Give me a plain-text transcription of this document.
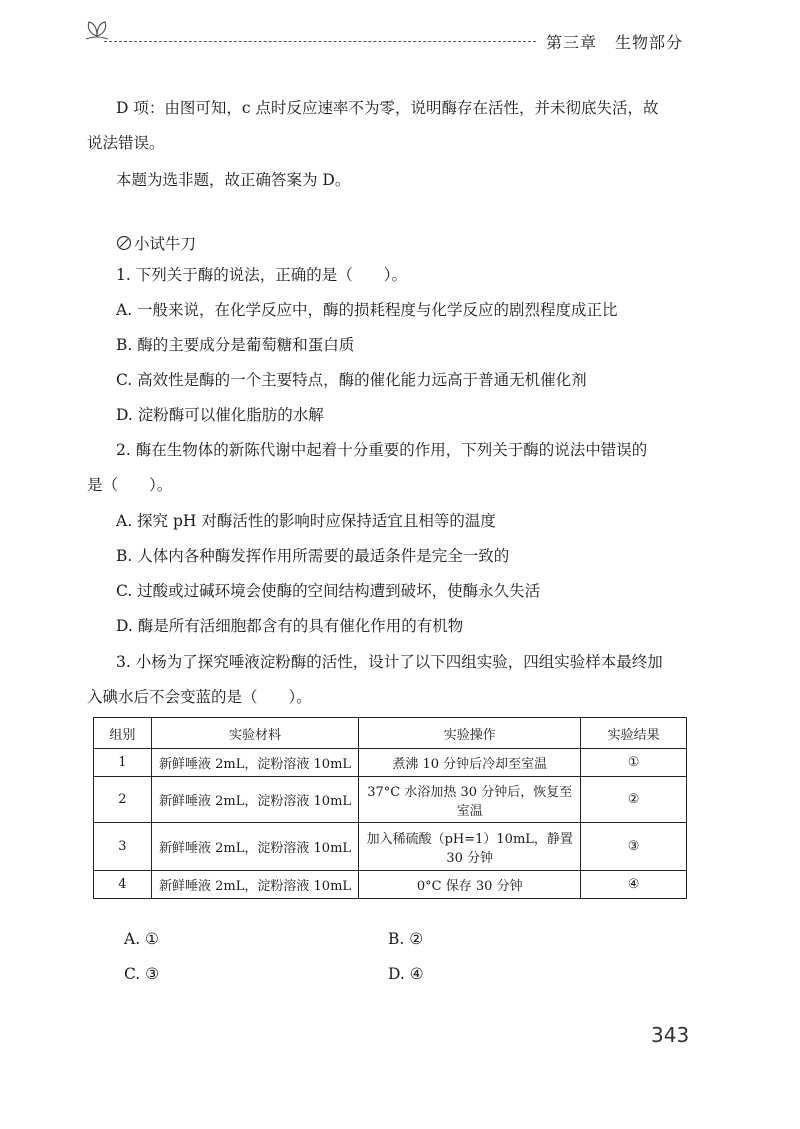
第三章 生物部分
D 项：由图可知，c 点时反应速率不为零，说明酶存在活性，并未彻底失活，故
说法错误。
本题为选非题，故正确答案为 D。
小试牛刀
1. 下列关于酶的说法，正确的是（　　）。
A. 一般来说，在化学反应中，酶的损耗程度与化学反应的剧烈程度成正比
B. 酶的主要成分是葡萄糖和蛋白质
C. 高效性是酶的一个主要特点，酶的催化能力远高于普通无机催化剂
D. 淀粉酶可以催化脂肪的水解
2. 酶在生物体的新陈代谢中起着十分重要的作用，下列关于酶的说法中错误的
是（　　）。
A. 探究 pH 对酶活性的影响时应保持适宜且相等的温度
B. 人体内各种酶发挥作用所需要的最适条件是完全一致的
C. 过酸或过碱环境会使酶的空间结构遭到破坏，使酶永久失活
D. 酶是所有活细胞都含有的具有催化作用的有机物
3. 小杨为了探究唾液淀粉酶的活性，设计了以下四组实验，四组实验样本最终加
入碘水后不会变蓝的是（　　）。
组别	实验材料	实验操作	实验结果
1	新鲜唾液 2mL，淀粉溶液 10mL	煮沸 10 分钟后冷却至室温	①
2	新鲜唾液 2mL，淀粉溶液 10mL	37°C 水浴加热 30 分钟后，恢复至室温	②
3	新鲜唾液 2mL，淀粉溶液 10mL	加入稀硫酸（pH=1）10mL，静置 30 分钟	③
4	新鲜唾液 2mL，淀粉溶液 10mL	0°C 保存 30 分钟	④
A. ①	B. ②
C. ③	D. ④
343
